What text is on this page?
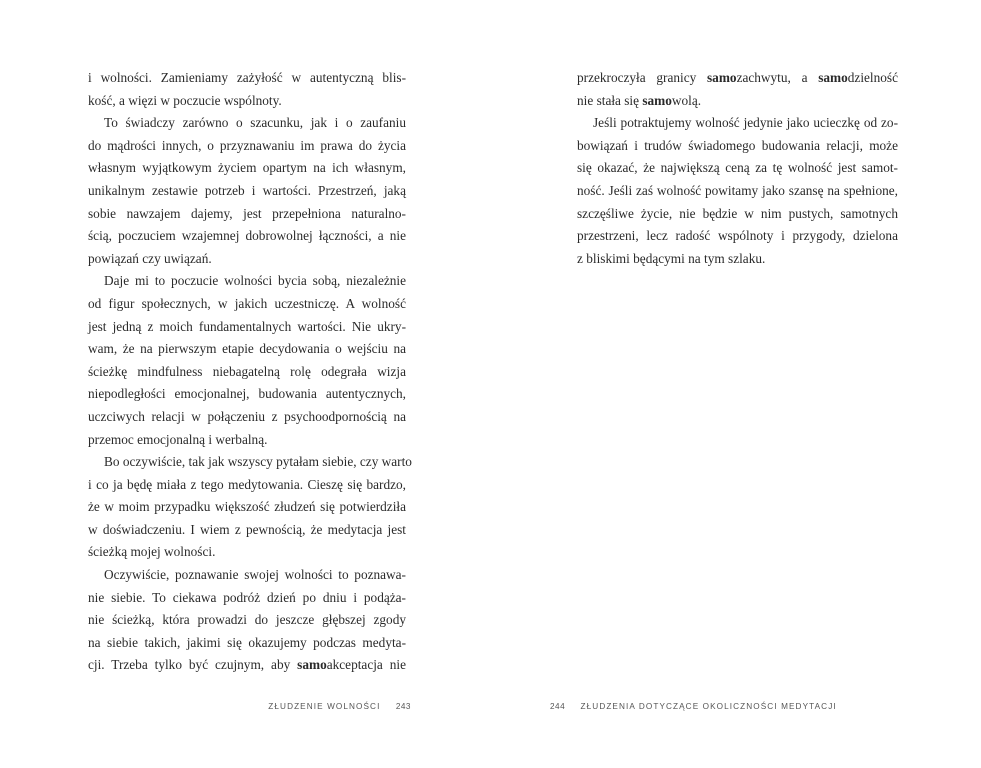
i wolności. Zamieniamy zażyłość w autentyczną blis-
kość, a więzi w poczucie wspólnoty.
To świadczy zarówno o szacunku, jak i o zaufaniu
do mądrości innych, o przyznawaniu im prawa do życia
własnym wyjątkowym życiem opartym na ich własnym,
unikalnym zestawie potrzeb i wartości. Przestrzeń, jaką
sobie nawzajem dajemy, jest przepełniona naturalno-
ścią, poczuciem wzajemnej dobrowolnej łączności, a nie
powiązań czy uwiązań.
Daje mi to poczucie wolności bycia sobą, niezależnie
od figur społecznych, w jakich uczestniczę. A wolność
jest jedną z moich fundamentalnych wartości. Nie ukry-
wam, że na pierwszym etapie decydowania o wejściu na
ścieżkę mindfulness niebagatelną rolę odegrała wizja
niepodległości emocjonalnej, budowania autentycznych,
uczciwych relacji w połączeniu z psychoodpornością na
przemoc emocjonalną i werbalną.
Bo oczywiście, tak jak wszyscy pytałam siebie, czy warto
i co ja będę miała z tego medytowania. Cieszę się bardzo,
że w moim przypadku większość złudzeń się potwierdziła
w doświadczeniu. I wiem z pewnością, że medytacja jest
ścieżką mojej wolności.
Oczywiście, poznawanie swojej wolności to poznawa-
nie siebie. To ciekawa podróż dzień po dniu i podąża-
nie ścieżką, która prowadzi do jeszcze głębszej zgody
na siebie takich, jakimi się okazujemy podczas medyta-
cji. Trzeba tylko być czujnym, aby samoakceptacja nie
ZŁUDZENIE WOLNOŚCI 243
przekroczyła granicy samozachwytu, a samodzielność
nie stała się samowolą.
Jeśli potraktujemy wolność jedynie jako ucieczkę od zo-
bowiązań i trudów świadomego budowania relacji, może
się okazać, że największą ceną za tę wolność jest samot-
ność. Jeśli zaś wolność powitamy jako szansę na spełnione,
szczęśliwe życie, nie będzie w nim pustych, samotnych
przestrzeni, lecz radość wspólnoty i przygody, dzielona
z bliskimi będącymi na tym szlaku.
244 ZŁUDZENIA DOTYCZĄCE OKOLICZNOŚCI MEDYTACJI
